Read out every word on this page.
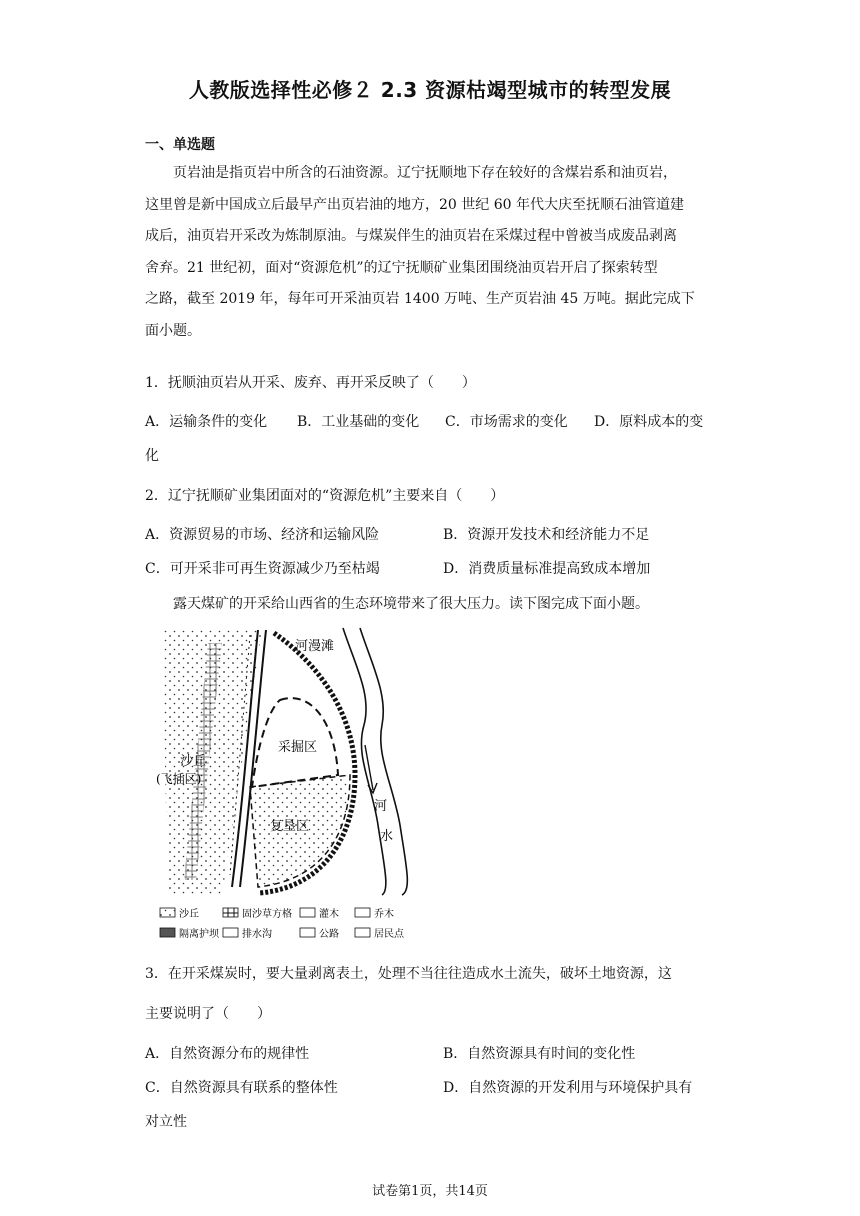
人教版选择性必修２ 2.3 资源枯竭型城市的转型发展
一、单选题
页岩油是指页岩中所含的石油资源。辽宁抚顺地下存在较好的含煤岩系和油页岩，
这里曾是新中国成立后最早产出页岩油的地方，20 世纪 60 年代大庆至抚顺石油管道建
成后，油页岩开采改为炼制原油。与煤炭伴生的油页岩在采煤过程中曾被当成废品剥离
舍弃。21 世纪初，面对“资源危机”的辽宁抚顺矿业集团围绕油页岩开启了探索转型
之路，截至 2019 年，每年可开采油页岩 1400 万吨、生产页岩油 45 万吨。据此完成下
面小题。
1．抚顺油页岩从开采、废弃、再开采反映了（　　）
A．运输条件的变化 B．工业基础的变化 C．市场需求的变化 D．原料成本的变
化
2．辽宁抚顺矿业集团面对的“资源危机”主要来自（　　）
A．资源贸易的市场、经济和运输风险	B．资源开发技术和经济能力不足
C．可开采非可再生资源减少乃至枯竭	D．消费质量标准提高致成本增加
露天煤矿的开采给山西省的生态环境带来了很大压力。读下图完成下面小题。
河漫滩
采掘区
沙丘
(飞插区)
复垦区
河
水
沙丘	固沙草方格	灌木	乔木
隔离护坝 排水沟	公路	居民点
3．在开采煤炭时，要大量剥离表土，处理不当往往造成水土流失，破坏土地资源，这
主要说明了（　　）
A．自然资源分布的规律性	B．自然资源具有时间的变化性
C．自然资源具有联系的整体性	D．自然资源的开发利用与环境保护具有
对立性
试卷第1页，共14页
